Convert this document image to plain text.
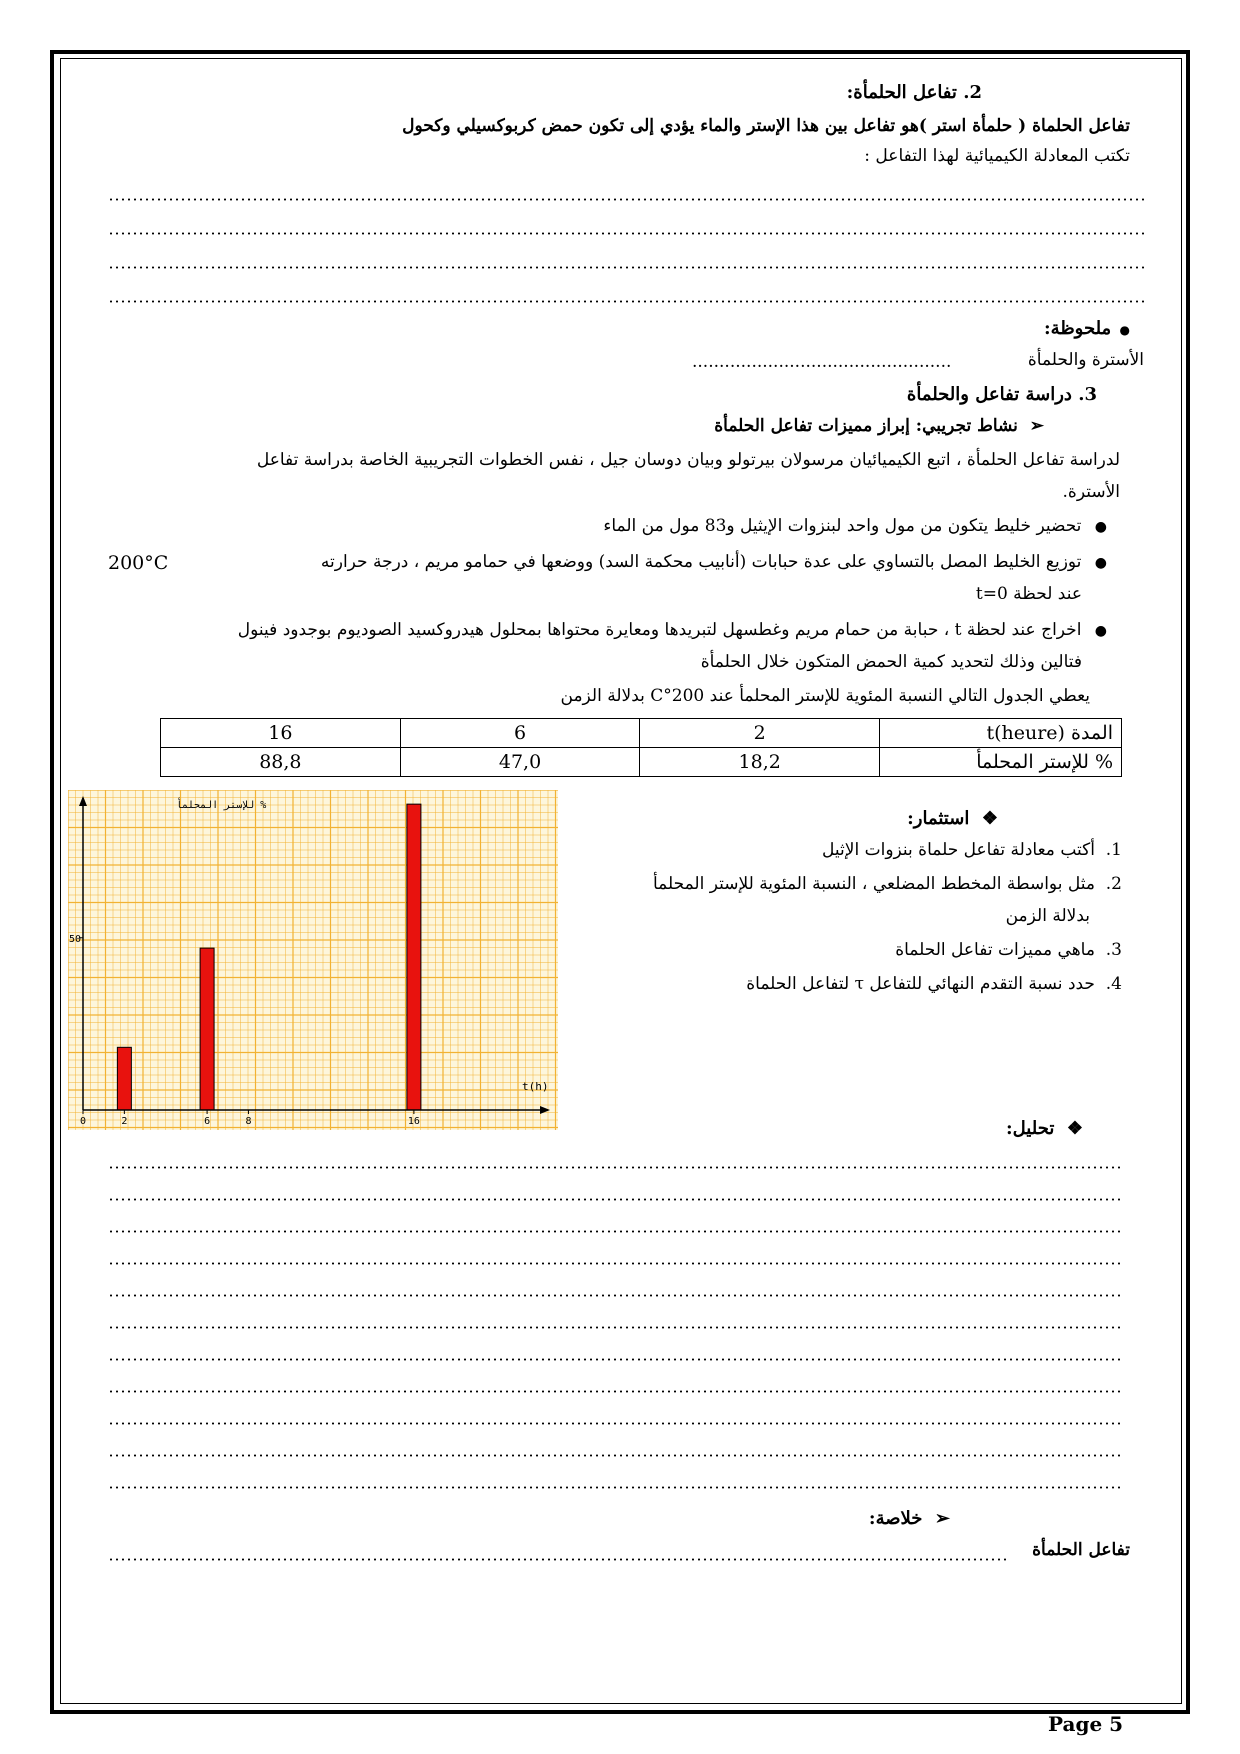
2. تفاعل الحلمأة:
تفاعل الحلماة ( حلمأة استر )هو تفاعل بين هذا الإستر والماء يؤدي إلى تكون حمض كربوكسيلي وكحول
تكتب المعادلة الكيميائية لهذا التفاعل :
●  ملحوظة:
الأسترة والحلمأة
................................................
3. دراسة تفاعل والحلمأة
➢  نشاط تجريبي: إبراز مميزات تفاعل الحلمأة
لدراسة تفاعل الحلمأة ، اتبع الكيميائيان مرسولان بيرتولو وبيان دوسان جيل ، نفس الخطوات التجريبية الخاصة بدراسة تفاعل
الأسترة.
●   تحضير خليط يتكون من مول واحد لبنزوات الإيثيل و83 مول من الماء
●   توزيع الخليط المصل بالتساوي على عدة حبابات (أنابيب محكمة السد) ووضعها في حمامو مريم ، درجة حرارته
200°C
عند لحظة t=0
●   اخراج عند لحظة t ، حبابة من حمام مريم وغطسهل لتبريدها ومعايرة محتواها بمحلول هيدروكسيد الصوديوم بوجدود فينول
فتالين وذلك لتحديد كمية الحمض المتكون خلال الحلمأة
يعطي الجدول التالي النسبة المئوية للإستر المحلمأ عند 200°C بدلالة الزمن
المدة t(heure)	2	6	16
% للإستر المحلمأ	18,2	47,0	88,8
% للإستر المحلمأ
t(h)
0	2	6	8	16
50
❖  استثمار:
1.  أكتب معادلة تفاعل حلماة بنزوات الإثيل
2.  مثل بواسطة المخطط المضلعي ، النسبة المئوية للإستر المحلمأ
بدلالة الزمن
3.  ماهي مميزات تفاعل الحلماة
4.  حدد نسبة التقدم النهائي للتفاعل τ لتفاعل الحلماة
❖  تحليل:
➢  خلاصة:
تفاعل الحلمأة
Page 5
